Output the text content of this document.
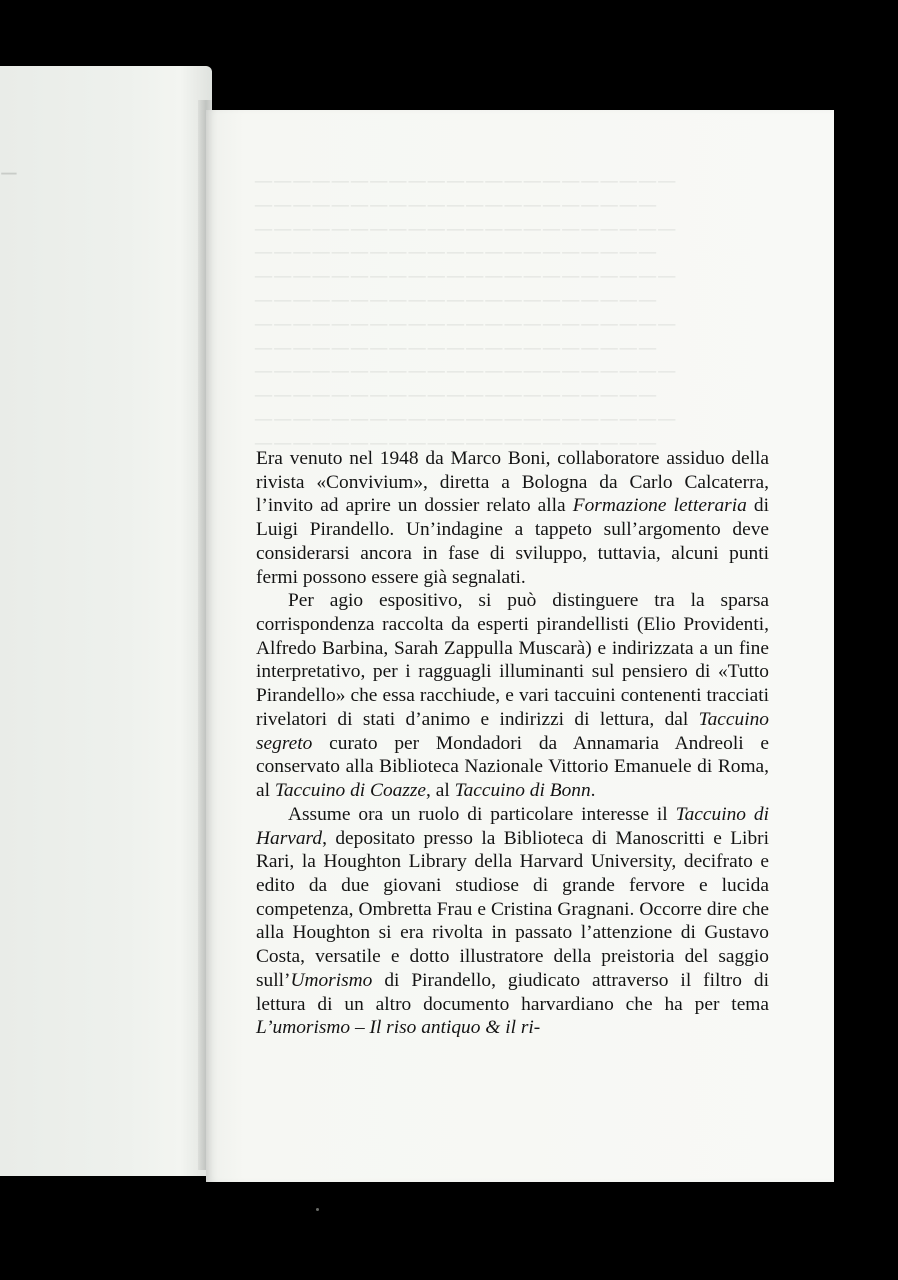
‒	——————————————————————
—————————————————————
——————————————————————
—————————————————————
——————————————————————
—————————————————————
——————————————————————
—————————————————————
——————————————————————
—————————————————————
——————————————————————
—————————————————————

Era venuto nel 1948 da Marco Boni, collaboratore assiduo della rivista «Convivium», diretta a Bologna da Carlo Calcaterra, l’invito ad aprire un dossier relato alla Formazione letteraria di Luigi Pirandello. Un’indagine a tappeto sull’argomento deve considerarsi ancora in fase di sviluppo, tuttavia, alcuni punti fermi possono essere già segnalati.

Per agio espositivo, si può distinguere tra la sparsa corrispondenza raccolta da esperti pirandellisti (Elio Providenti, Alfredo Barbina, Sarah Zappulla Muscarà) e indirizzata a un fine interpretativo, per i ragguagli illuminanti sul pensiero di «Tutto Pirandello» che essa racchiude, e vari taccuini contenenti tracciati rivelatori di stati d’animo e indirizzi di lettura, dal Taccuino segreto curato per Mondadori da Annamaria Andreoli e conservato alla Biblioteca Nazionale Vittorio Emanuele di Roma, al Taccuino di Coazze, al Taccuino di Bonn.

Assume ora un ruolo di particolare interesse il Taccuino di Harvard, depositato presso la Biblioteca di Manoscritti e Libri Rari, la Houghton Library della Harvard University, decifrato e edito da due giovani studiose di grande fervore e lucida competenza, Ombretta Frau e Cristina Gragnani. Occorre dire che alla Houghton si era rivolta in passato l’attenzione di Gustavo Costa, versatile e dotto illustratore della preistoria del saggio sull’Umorismo di Pirandello, giudicato attraverso il filtro di lettura di un altro documento harvardiano che ha per tema L’umorismo – Il riso antiquo & il ri-
